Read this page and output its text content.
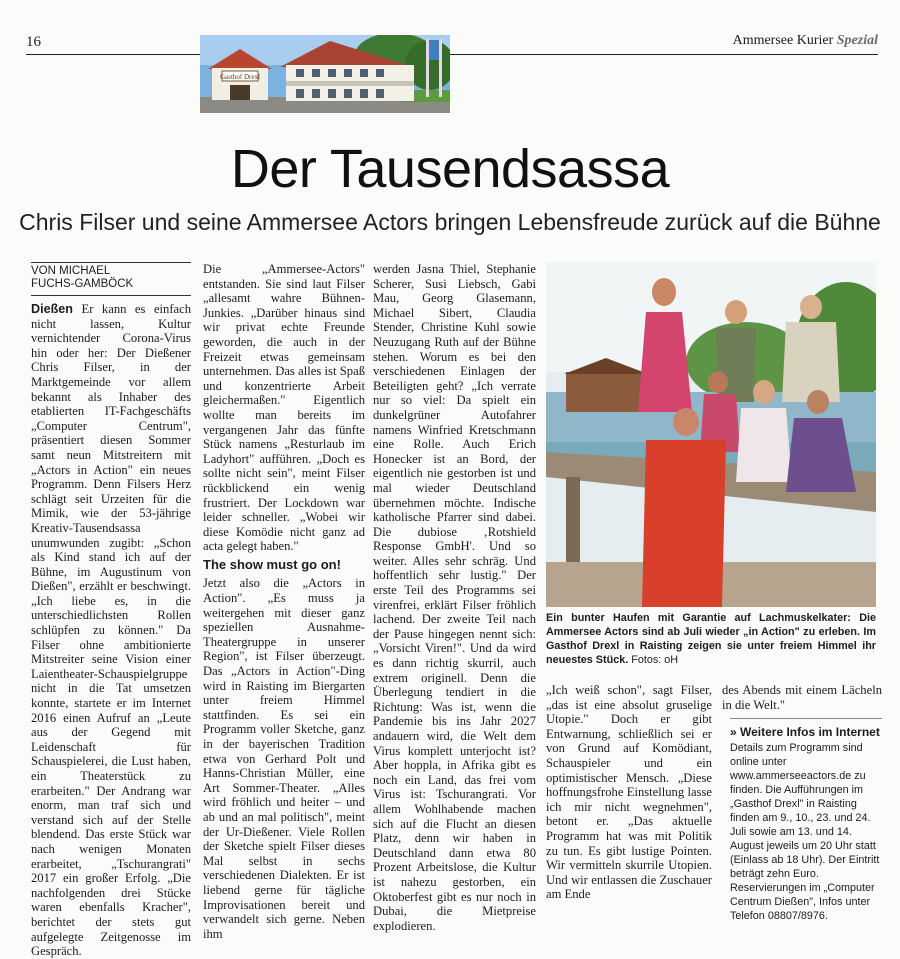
16	Ammersee Kurier Spezial
Gasthof Drexl
Der Tausendsassa
Chris Filser und seine Ammersee Actors bringen Lebensfreude zurück auf die Bühne
VON MICHAEL
FUCHS-GAMBÖCK

Dießen Er kann es einfach nicht lassen, Kultur vernichtender Corona-Virus hin oder her: Der Dießener Chris Filser, in der Marktgemeinde vor allem bekannt als Inhaber des etablierten IT-Fachgeschäfts „Computer Centrum", präsentiert diesen Sommer samt neun Mitstreitern mit „Actors in Action" ein neues Programm. Denn Filsers Herz schlägt seit Urzeiten für die Mimik, wie der 53-jährige Kreativ-Tausendsassa unumwunden zugibt: „Schon als Kind stand ich auf der Bühne, im Augustinum von Dießen", erzählt er beschwingt. „Ich liebe es, in die unterschiedlichsten Rollen schlüpfen zu können." Da Filser ohne ambitionierte Mitstreiter seine Vision einer Laientheater-Schauspielgruppe nicht in die Tat umsetzen konnte, startete er im Internet 2016 einen Aufruf an „Leute aus der Gegend mit Leidenschaft für Schauspielerei, die Lust haben, ein Theaterstück zu erarbeiten." Der Andrang war enorm, man traf sich und verstand sich auf der Stelle blendend. Das erste Stück war nach wenigen Monaten erarbeitet, „Tschurangrati" 2017 ein großer Erfolg. „Die nachfolgenden drei Stücke waren ebenfalls Kracher", berichtet der stets gut aufgelegte Zeitgenosse im Gespräch.

Die „Ammersee-Actors" entstanden. Sie sind laut Filser „allesamt wahre Bühnen-Junkies. „Darüber hinaus sind wir privat echte Freunde geworden, die auch in der Freizeit etwas gemeinsam unternehmen. Das alles ist Spaß und konzentrierte Arbeit gleichermaßen." Eigentlich wollte man bereits im vergangenen Jahr das fünfte Stück namens „Resturlaub im Ladyhort" aufführen. „Doch es sollte nicht sein", meint Filser rückblickend ein wenig frustriert. Der Lockdown war leider schneller. „Wobei wir diese Komödie nicht ganz ad acta gelegt haben."

The show must go on!

Jetzt also die „Actors in Action". „Es muss ja weitergehen mit dieser ganz speziellen Ausnahme-Theatergruppe in unserer Region", ist Filser überzeugt. Das „Actors in Action"-Ding wird in Raisting im Biergarten unter freiem Himmel stattfinden. Es sei ein Programm voller Sketche, ganz in der bayerischen Tradition etwa von Gerhard Polt und Hanns-Christian Müller, eine Art Sommer-Theater. „Alles wird fröhlich und heiter – und ab und an mal politisch", meint der Ur-Dießener. Viele Rollen der Sketche spielt Filser dieses Mal selbst in sechs verschiedenen Dialekten. Er ist liebend gerne für tägliche Improvisationen bereit und verwandelt sich gerne. Neben ihm

werden Jasna Thiel, Stephanie Scherer, Susi Liebsch, Gabi Mau, Georg Glasemann, Michael Sibert, Claudia Stender, Christine Kuhl sowie Neuzugang Ruth auf der Bühne stehen. Worum es bei den verschiedenen Einlagen der Beteiligten geht? „Ich verrate nur so viel: Da spielt ein dunkelgrüner Autofahrer namens Winfried Kretschmann eine Rolle. Auch Erich Honecker ist an Bord, der eigentlich nie gestorben ist und mal wieder Deutschland übernehmen möchte. Indische katholische Pfarrer sind dabei. Die dubiose ‚Rotshield Response GmbH'. Und so weiter. Alles sehr schräg. Und hoffentlich sehr lustig." Der erste Teil des Programms sei virenfrei, erklärt Filser fröhlich lachend. Der zweite Teil nach der Pause hingegen nennt sich: „Vorsicht Viren!". Und da wird es dann richtig skurril, auch extrem originell. Denn die Überlegung tendiert in die Richtung: Was ist, wenn die Pandemie bis ins Jahr 2027 andauern wird, die Welt dem Virus komplett unterjocht ist? Aber hoppla, in Afrika gibt es noch ein Land, das frei vom Virus ist: Tschurangrati. Vor allem Wohlhabende machen sich auf die Flucht an diesen Platz, denn wir haben in Deutschland dann etwa 80 Prozent Arbeitslose, die Kultur ist nahezu gestorben, ein Oktoberfest gibt es nur noch in Dubai, die Mietpreise explodieren.

Ein bunter Haufen mit Garantie auf Lachmuskelkater: Die Ammersee Actors sind ab Juli wieder „in Action" zu erleben. Im Gasthof Drexl in Raisting zeigen sie unter freiem Himmel ihr neuestes Stück. Fotos: oH

„Ich weiß schon", sagt Filser, „das ist eine absolut gruselige Utopie." Doch er gibt Entwarnung, schließlich sei er von Grund auf Komödiant, Schauspieler und ein optimistischer Mensch. „Diese hoffnungsfrohe Einstellung lasse ich mir nicht wegnehmen", betont er. „Das aktuelle Programm hat was mit Politik zu tun. Es gibt lustige Pointen. Wir vermitteln skurrile Utopien. Und wir entlassen die Zuschauer am Ende

des Abends mit einem Lächeln in die Welt."

» Weitere Infos im Internet
Details zum Programm sind online unter www.ammerseeactors.de zu finden. Die Aufführungen im „Gasthof Drexl" in Raisting finden am 9., 10., 23. und 24. Juli sowie am 13. und 14. August jeweils um 20 Uhr statt (Einlass ab 18 Uhr). Der Eintritt beträgt zehn Euro. Reservierungen im „Computer Centrum Dießen", Infos unter Telefon 08807/8976.
